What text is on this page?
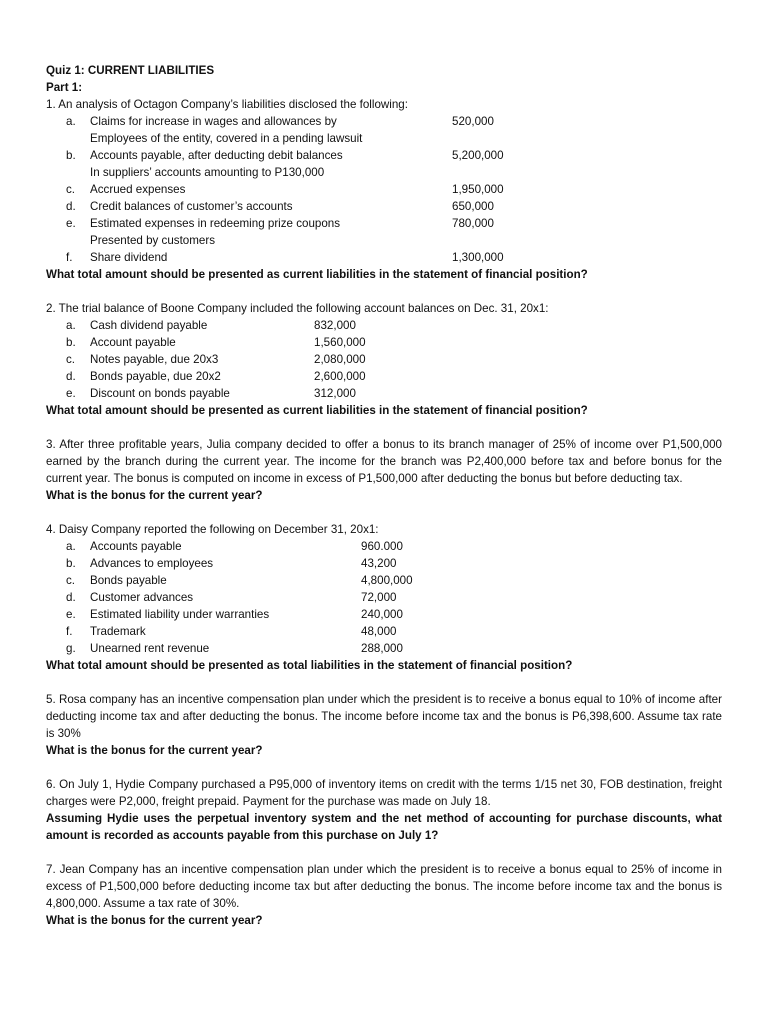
Quiz 1: CURRENT LIABILITIES
Part 1:
1. An analysis of Octagon Company’s liabilities disclosed the following:
a.	Claims for increase in wages and allowances by	520,000
Employees of the entity, covered in a pending lawsuit
b.	Accounts payable, after deducting debit balances	5,200,000
In suppliers’ accounts amounting to P130,000
c.	Accrued expenses	1,950,000
d.	Credit balances of customer’s accounts	650,000
e.	Estimated expenses in redeeming prize coupons	780,000
Presented by customers
f.	Share dividend	1,300,000
What total amount should be presented as current liabilities in the statement of financial position?
2. The trial balance of Boone Company included the following account balances on Dec. 31, 20x1:
a.	Cash dividend payable	832,000
b.	Account payable	1,560,000
c.	Notes payable, due 20x3	2,080,000
d.	Bonds payable, due 20x2	2,600,000
e.	Discount on bonds payable	312,000
What total amount should be presented as current liabilities in the statement of financial position?
3. After three profitable years, Julia company decided to offer a bonus to its branch manager of 25% of income over P1,500,000 earned by the branch during the current year. The income for the branch was P2,400,000 before tax and before bonus for the current year. The bonus is computed on income in excess of P1,500,000 after deducting the bonus but before deducting tax.
What is the bonus for the current year?
4. Daisy Company reported the following on December 31, 20x1:
a.	Accounts payable	960.000
b.	Advances to employees	43,200
c.	Bonds payable	4,800,000
d.	Customer advances	72,000
e.	Estimated liability under warranties	240,000
f.	Trademark	48,000
g.	Unearned rent revenue	288,000
What total amount should be presented as total liabilities in the statement of financial position?
5. Rosa company has an incentive compensation plan under which the president is to receive a bonus equal to 10% of income after deducting income tax and after deducting the bonus. The income before income tax and the bonus is P6,398,600. Assume tax rate is 30%
What is the bonus for the current year?
6. On July 1, Hydie Company purchased a P95,000 of inventory items on credit with the terms 1/15 net 30, FOB destination, freight charges were P2,000, freight prepaid. Payment for the purchase was made on July 18.
Assuming Hydie uses the perpetual inventory system and the net method of accounting for purchase discounts, what amount is recorded as accounts payable from this purchase on July 1?
7. Jean Company has an incentive compensation plan under which the president is to receive a bonus equal to 25% of income in excess of P1,500,000 before deducting income tax but after deducting the bonus. The income before income tax and the bonus is 4,800,000. Assume a tax rate of 30%.
What is the bonus for the current year?
